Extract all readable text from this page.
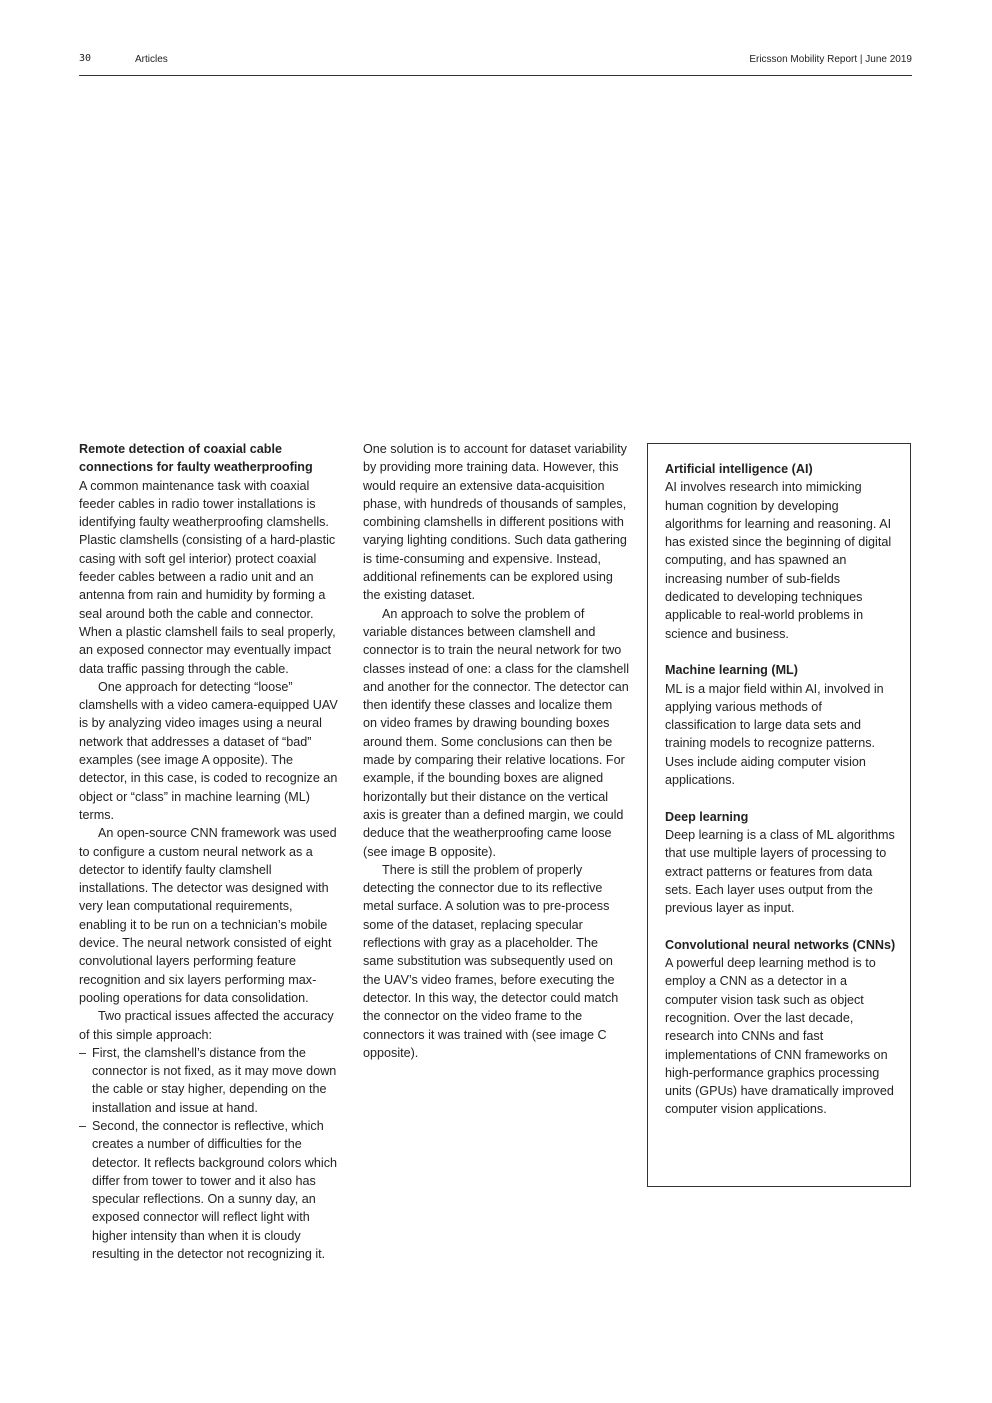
30	Articles	Ericsson Mobility Report | June 2019
Remote detection of coaxial cable connections for faulty weatherproofing

A common maintenance task with coaxial feeder cables in radio tower installations is identifying faulty weatherproofing clamshells. Plastic clamshells (consisting of a hard-plastic casing with soft gel interior) protect coaxial feeder cables between a radio unit and an antenna from rain and humidity by forming a seal around both the cable and connector. When a plastic clamshell fails to seal properly, an exposed connector may eventually impact data traffic passing through the cable.

One approach for detecting “loose” clamshells with a video camera-equipped UAV is by analyzing video images using a neural network that addresses a dataset of “bad” examples (see image A opposite). The detector, in this case, is coded to recognize an object or “class” in machine learning (ML) terms.

An open-source CNN framework was used to configure a custom neural network as a detector to identify faulty clamshell installations. The detector was designed with very lean computational requirements, enabling it to be run on a technician’s mobile device. The neural network consisted of eight convolutional layers performing feature recognition and six layers performing max-pooling operations for data consolidation.

Two practical issues affected the accuracy of this simple approach:

– First, the clamshell’s distance from the connector is not fixed, as it may move down the cable or stay higher, depending on the installation and issue at hand.
– Second, the connector is reflective, which creates a number of difficulties for the detector. It reflects background colors which differ from tower to tower and it also has specular reflections. On a sunny day, an exposed connector will reflect light with higher intensity than when it is cloudy resulting in the detector not recognizing it.

One solution is to account for dataset variability by providing more training data. However, this would require an extensive data-acquisition phase, with hundreds of thousands of samples, combining clamshells in different positions with varying lighting conditions. Such data gathering is time-consuming and expensive. Instead, additional refinements can be explored using the existing dataset.

An approach to solve the problem of variable distances between clamshell and connector is to train the neural network for two classes instead of one: a class for the clamshell and another for the connector. The detector can then identify these classes and localize them on video frames by drawing bounding boxes around them. Some conclusions can then be made by comparing their relative locations. For example, if the bounding boxes are aligned horizontally but their distance on the vertical axis is greater than a defined margin, we could deduce that the weatherproofing came loose (see image B opposite).

There is still the problem of properly detecting the connector due to its reflective metal surface. A solution was to pre-process some of the dataset, replacing specular reflections with gray as a placeholder. The same substitution was subsequently used on the UAV’s video frames, before executing the detector. In this way, the detector could match the connector on the video frame to the connectors it was trained with (see image C opposite).

Artificial intelligence (AI)

AI involves research into mimicking human cognition by developing algorithms for learning and reasoning. AI has existed since the beginning of digital computing, and has spawned an increasing number of sub-fields dedicated to developing techniques applicable to real-world problems in science and business.

Machine learning (ML)

ML is a major field within AI, involved in applying various methods of classification to large data sets and training models to recognize patterns. Uses include aiding computer vision applications.

Deep learning

Deep learning is a class of ML algorithms that use multiple layers of processing to extract patterns or features from data sets. Each layer uses output from the previous layer as input.

Convolutional neural networks (CNNs)

A powerful deep learning method is to employ a CNN as a detector in a computer vision task such as object recognition. Over the last decade, research into CNNs and fast implementations of CNN frameworks on high-performance graphics processing units (GPUs) have dramatically improved computer vision applications.
